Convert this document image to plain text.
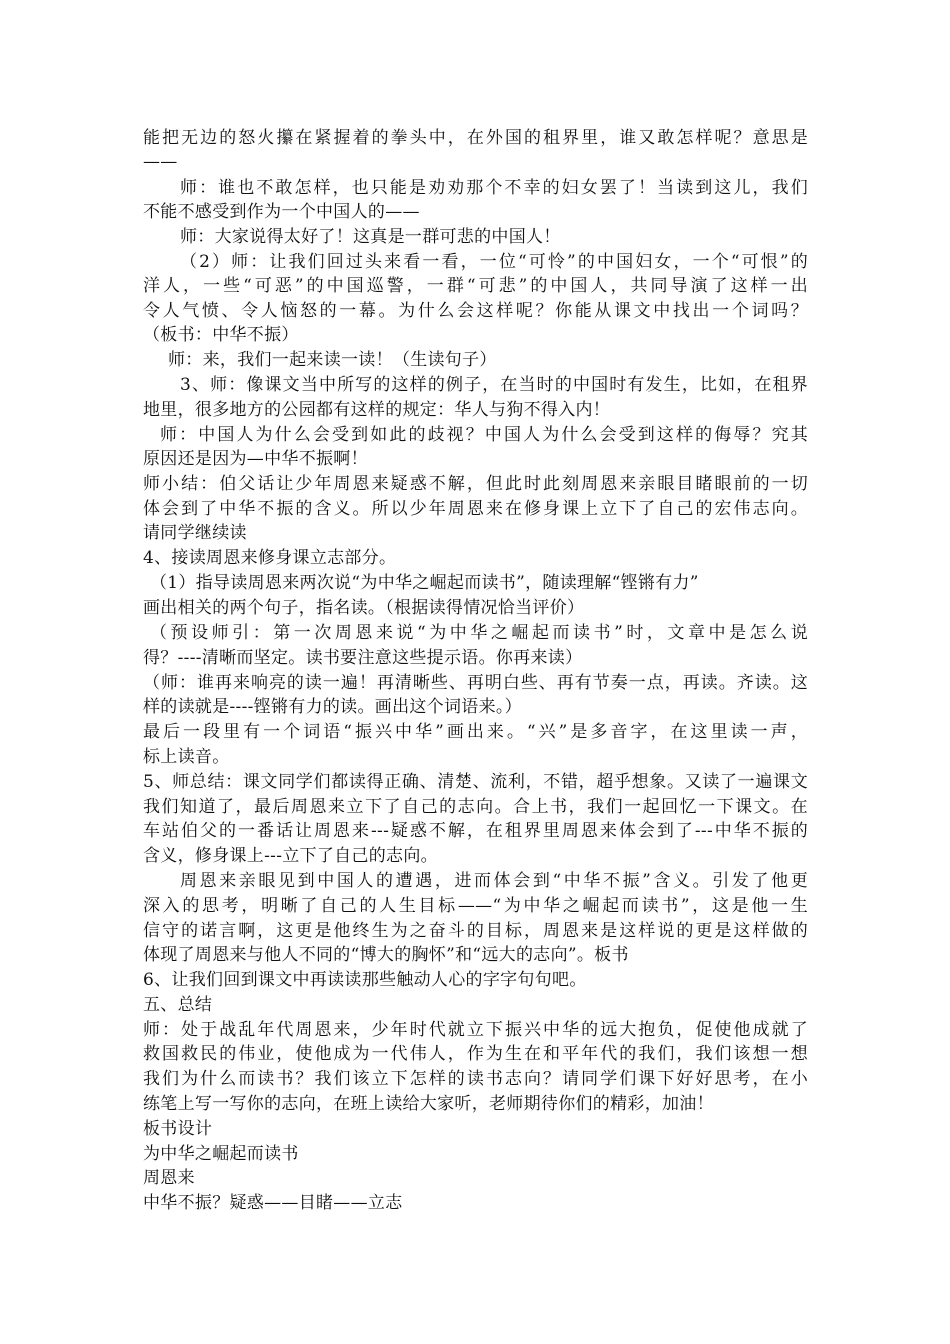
能把无边的怒火攥在紧握着的拳头中，在外国的租界里，谁又敢怎样呢？意思是

——

师：谁也不敢怎样，也只能是劝劝那个不幸的妇女罢了！当读到这儿，我们

不能不感受到作为一个中国人的——

师：大家说得太好了！这真是一群可悲的中国人！

（2）师：让我们回过头来看一看，一位“可怜”的中国妇女，一个“可恨”的

洋人，一些“可恶”的中国巡警，一群“可悲”的中国人，共同导演了这样一出

令人气愤、令人恼怒的一幕。为什么会这样呢？你能从课文中找出一个词吗？

（板书：中华不振）

师：来，我们一起来读一读！（生读句子）

3、师：像课文当中所写的这样的例子，在当时的中国时有发生，比如，在租界

地里，很多地方的公园都有这样的规定：华人与狗不得入内！

师：中国人为什么会受到如此的歧视？中国人为什么会受到这样的侮辱？究其

原因还是因为—中华不振啊！

师小结：伯父话让少年周恩来疑惑不解，但此时此刻周恩来亲眼目睹眼前的一切

体会到了中华不振的含义。所以少年周恩来在修身课上立下了自己的宏伟志向。

请同学继续读

4、接读周恩来修身课立志部分。

（1）指导读周恩来两次说“为中华之崛起而读书”，随读理解“铿锵有力”

画出相关的两个句子，指名读。（根据读得情况恰当评价）

（预设师引：第一次周恩来说“为中华之崛起而读书”时，文章中是怎么说

得？----清晰而坚定。读书要注意这些提示语。你再来读）

（师：谁再来响亮的读一遍！再清晰些、再明白些、再有节奏一点，再读。齐读。这

样的读就是----铿锵有力的读。画出这个词语来。）

最后一段里有一个词语“振兴中华”画出来。“兴”是多音字，在这里读一声，

标上读音。

5、师总结：课文同学们都读得正确、清楚、流利，不错，超乎想象。又读了一遍课文

我们知道了，最后周恩来立下了自己的志向。合上书，我们一起回忆一下课文。在

车站伯父的一番话让周恩来---疑惑不解，在租界里周恩来体会到了---中华不振的

含义，修身课上---立下了自己的志向。

周恩来亲眼见到中国人的遭遇，进而体会到“中华不振”含义。引发了他更

深入的思考，明晰了自己的人生目标——“为中华之崛起而读书”，这是他一生

信守的诺言啊，这更是他终生为之奋斗的目标，周恩来是这样说的更是这样做的

体现了周恩来与他人不同的“博大的胸怀”和“远大的志向”。板书

6、让我们回到课文中再读读那些触动人心的字字句句吧。

五、总结

师：处于战乱年代周恩来，少年时代就立下振兴中华的远大抱负，促使他成就了

救国救民的伟业，使他成为一代伟人，作为生在和平年代的我们，我们该想一想

我们为什么而读书？我们该立下怎样的读书志向？请同学们课下好好思考，在小

练笔上写一写你的志向，在班上读给大家听，老师期待你们的精彩，加油！

板书设计

为中华之崛起而读书

周恩来

中华不振？疑惑——目睹——立志
